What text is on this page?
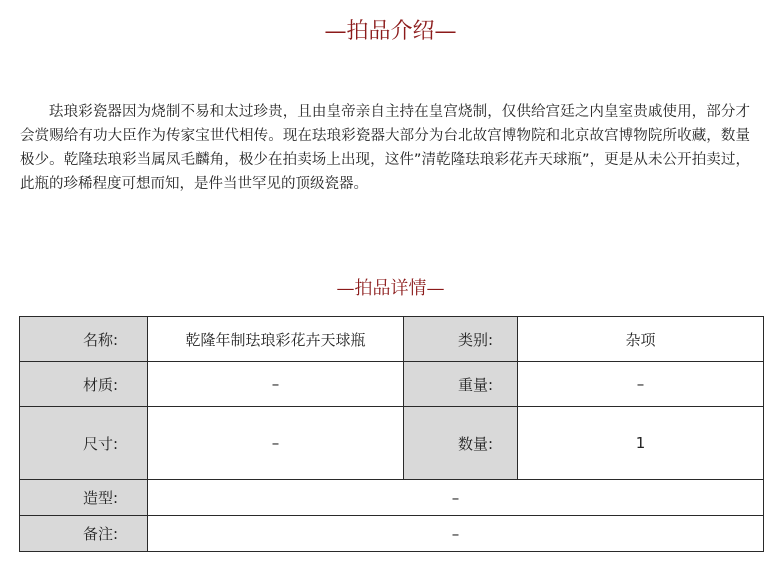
—拍品介绍—

珐琅彩瓷器因为烧制不易和太过珍贵，且由皇帝亲自主持在皇宫烧制，仅供给宫廷之内皇室贵戚使用，部分才会赏赐给有功大臣作为传家宝世代相传。现在珐琅彩瓷器大部分为台北故宫博物院和北京故宫博物院所收藏，数量极少。乾隆珐琅彩当属凤毛麟角，极少在拍卖场上出现，这件”清乾隆珐琅彩花卉天球瓶”，更是从未公开拍卖过，此瓶的珍稀程度可想而知，是件当世罕见的顶级瓷器。

—拍品详情—
名称:	乾隆年制珐琅彩花卉天球瓶	类别:	杂项
材质:	–	重量:	–
尺寸:	–	数量:	1
造型:	–		
备注:	–		
